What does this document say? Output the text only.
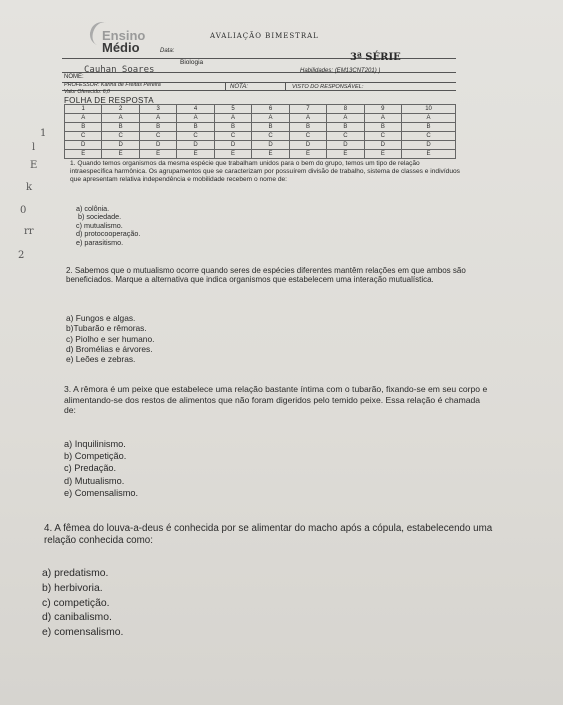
1
l
E
k
0
rr
2
Ensino
Médio
AVALIAÇÃO BIMESTRAL
Data:
Biologia	3ª SÉRIE
NOME:
Cauhan Soares	Habilidades: (EM13CNT201) )
PROFESSOR: Karina de Freitas Pereira
Valor Oferecido: 6,0
NOTA:	VISTO DO RESPONSÁVEL:
FOLHA DE RESPOSTA
1	2	3	4	5	6	7	8	9	10
A	A	A	A	A	A	A	A	A	A
B	B	B	B	B	B	B	B	B	B
C	C	C	C	C	C	C	C	C	C
D	D	D	D	D	D	D	D	D	D
E	E	E	E	E	E	E	E	E	E
1. Quando temos organismos da mesma espécie que trabalham unidos para o bem do grupo, temos um tipo de relação intraespecífica harmônica. Os agrupamentos que se caracterizam por possuírem divisão de trabalho, sistema de classes e indivíduos que apresentam relativa independência e mobilidade recebem o nome de:
a) colônia.
b) sociedade.
c) mutualismo.
d) protocooperação.
e) parasitismo.
2. Sabemos que o mutualismo ocorre quando seres de espécies diferentes mantêm relações em que ambos são beneficiados. Marque a alternativa que indica organismos que estabelecem uma interação mutualística.
a) Fungos e algas.
b)Tubarão e rêmoras.
c) Piolho e ser humano.
d) Bromélias e árvores.
e) Leões e zebras.
3. A rêmora é um peixe que estabelece uma relação bastante íntima com o tubarão, fixando-se em seu corpo e alimentando-se dos restos de alimentos que não foram digeridos pelo temido peixe. Essa relação é chamada de:
a) Inquilinismo.
b) Competição.
c) Predação.
d) Mutualismo.
e) Comensalismo.
4. A fêmea do louva-a-deus é conhecida por se alimentar do macho após a cópula, estabelecendo uma relação conhecida como:
a) predatismo.
b) herbivoria.
c) competição.
d) canibalismo.
e) comensalismo.
